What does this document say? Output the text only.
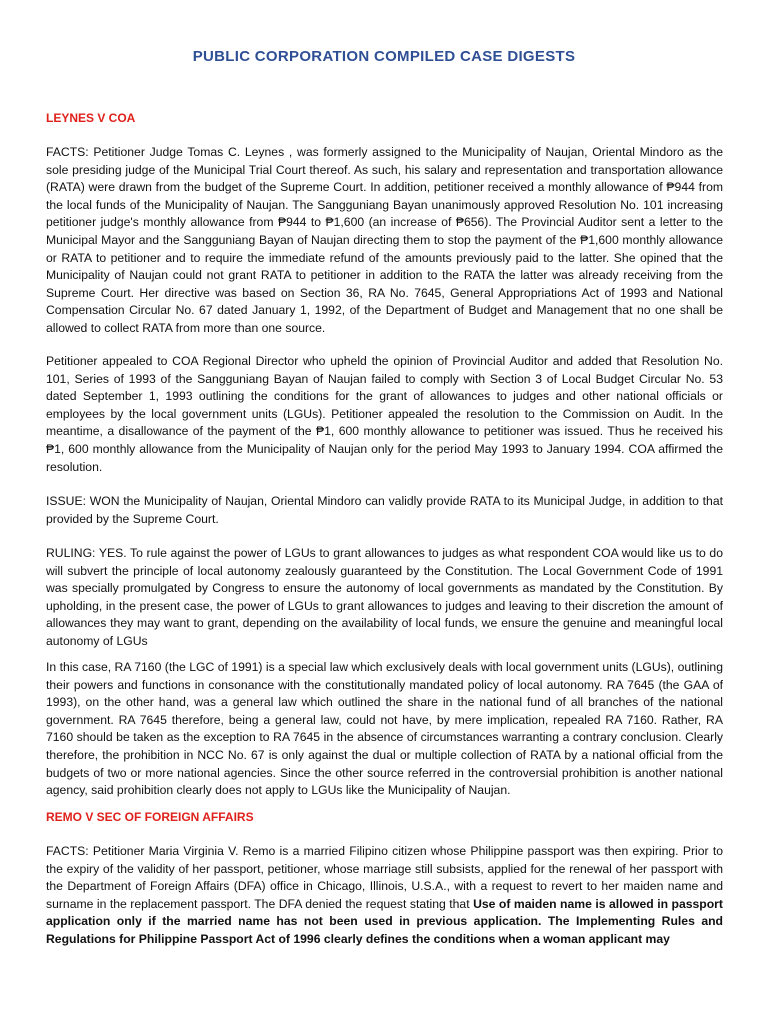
PUBLIC CORPORATION COMPILED CASE DIGESTS
LEYNES V COA

FACTS: Petitioner Judge Tomas C. Leynes , was formerly assigned to the Municipality of Naujan, Oriental Mindoro as the sole presiding judge of the Municipal Trial Court thereof. As such, his salary and representation and transportation allowance (RATA) were drawn from the budget of the Supreme Court. In addition, petitioner received a monthly allowance of ₱944 from the local funds of the Municipality of Naujan. The Sangguniang Bayan unanimously approved Resolution No. 101 increasing petitioner judge's monthly allowance from ₱944 to ₱1,600 (an increase of ₱656). The Provincial Auditor sent a letter to the Municipal Mayor and the Sangguniang Bayan of Naujan directing them to stop the payment of the ₱1,600 monthly allowance or RATA to petitioner and to require the immediate refund of the amounts previously paid to the latter. She opined that the Municipality of Naujan could not grant RATA to petitioner in addition to the RATA the latter was already receiving from the Supreme Court. Her directive was based on Section 36, RA No. 7645, General Appropriations Act of 1993 and National Compensation Circular No. 67 dated January 1, 1992, of the Department of Budget and Management that no one shall be allowed to collect RATA from more than one source.

Petitioner appealed to COA Regional Director who upheld the opinion of Provincial Auditor and added that Resolution No. 101, Series of 1993 of the Sangguniang Bayan of Naujan failed to comply with Section 3 of Local Budget Circular No. 53 dated September 1, 1993 outlining the conditions for the grant of allowances to judges and other national officials or employees by the local government units (LGUs). Petitioner appealed the resolution to the Commission on Audit. In the meantime, a disallowance of the payment of the ₱1, 600 monthly allowance to petitioner was issued. Thus he received his ₱1, 600 monthly allowance from the Municipality of Naujan only for the period May 1993 to January 1994. COA affirmed the resolution.

ISSUE: WON the Municipality of Naujan, Oriental Mindoro can validly provide RATA to its Municipal Judge, in addition to that provided by the Supreme Court.

RULING: YES. To rule against the power of LGUs to grant allowances to judges as what respondent COA would like us to do will subvert the principle of local autonomy zealously guaranteed by the Constitution. The Local Government Code of 1991 was specially promulgated by Congress to ensure the autonomy of local governments as mandated by the Constitution. By upholding, in the present case, the power of LGUs to grant allowances to judges and leaving to their discretion the amount of allowances they may want to grant, depending on the availability of local funds, we ensure the genuine and meaningful local autonomy of LGUs

In this case, RA 7160 (the LGC of 1991) is a special law which exclusively deals with local government units (LGUs), outlining their powers and functions in consonance with the constitutionally mandated policy of local autonomy. RA 7645 (the GAA of 1993), on the other hand, was a general law which outlined the share in the national fund of all branches of the national government. RA 7645 therefore, being a general law, could not have, by mere implication, repealed RA 7160. Rather, RA 7160 should be taken as the exception to RA 7645 in the absence of circumstances warranting a contrary conclusion. Clearly therefore, the prohibition in NCC No. 67 is only against the dual or multiple collection of RATA by a national official from the budgets of two or more national agencies. Since the other source referred in the controversial prohibition is another national agency, said prohibition clearly does not apply to LGUs like the Municipality of Naujan.

REMO V SEC OF FOREIGN AFFAIRS

FACTS: Petitioner Maria Virginia V. Remo is a married Filipino citizen whose Philippine passport was then expiring. Prior to the expiry of the validity of her passport, petitioner, whose marriage still subsists, applied for the renewal of her passport with the Department of Foreign Affairs (DFA) office in Chicago, Illinois, U.S.A., with a request to revert to her maiden name and surname in the replacement passport. The DFA denied the request stating that Use of maiden name is allowed in passport application only if the married name has not been used in previous application. The Implementing Rules and Regulations for Philippine Passport Act of 1996 clearly defines the conditions when a woman applicant may
